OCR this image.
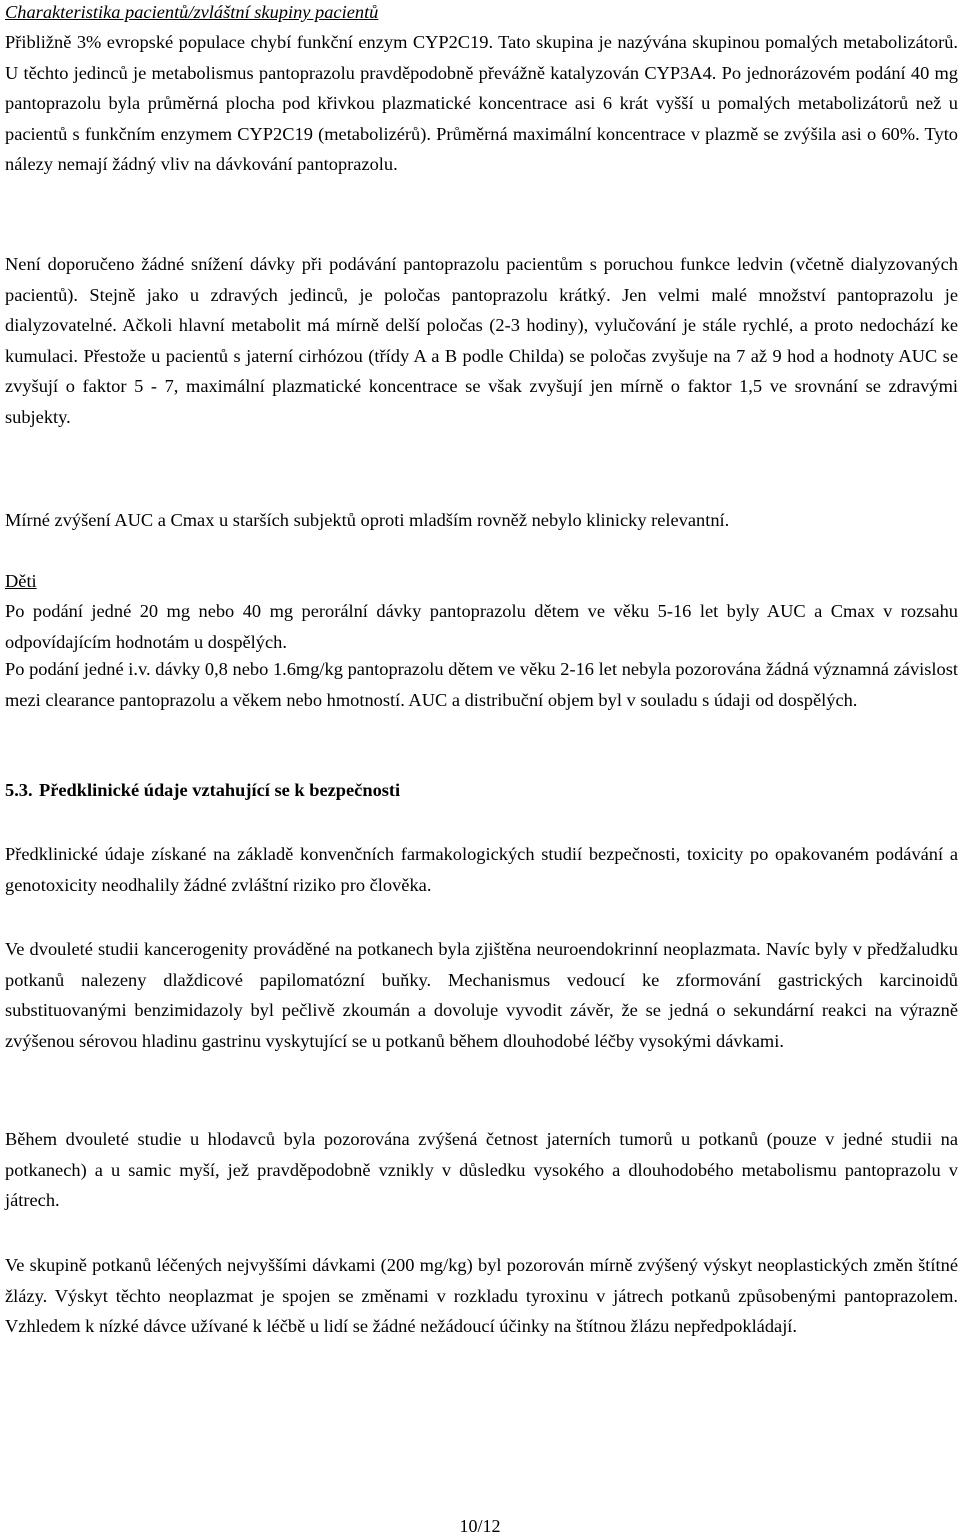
Charakteristika pacientů/zvláštní skupiny pacientů

Přibližně 3% evropské populace chybí funkční enzym CYP2C19. Tato skupina je nazývána skupinou pomalých metabolizátorů. U těchto jedinců je metabolismus pantoprazolu pravděpodobně převážně katalyzován CYP3A4. Po jednorázovém podání 40 mg pantoprazolu byla průměrná plocha pod křivkou plazmatické koncentrace asi 6 krát vyšší u pomalých metabolizátorů než u pacientů s funkčním enzymem CYP2C19 (metabolizérů). Průměrná maximální koncentrace v plazmě se zvýšila asi o 60%. Tyto nálezy nemají žádný vliv na dávkování pantoprazolu.

Není doporučeno žádné snížení dávky při podávání pantoprazolu pacientům s poruchou funkce ledvin (včetně dialyzovaných pacientů). Stejně jako u zdravých jedinců, je poločas pantoprazolu krátký. Jen velmi malé množství pantoprazolu je dialyzovatelné. Ačkoli hlavní metabolit má mírně delší poločas (2-3 hodiny), vylučování je stále rychlé, a proto nedochází ke kumulaci. Přestože u pacientů s jaterní cirhózou (třídy A a B podle Childa) se poločas zvyšuje na 7 až 9 hod a hodnoty AUC se zvyšují o faktor 5 - 7, maximální plazmatické koncentrace se však zvyšují jen mírně o faktor 1,5 ve srovnání se zdravými subjekty.

Mírné zvýšení AUC a Cmax u starších subjektů oproti mladším rovněž nebylo klinicky relevantní.

Děti

Po podání jedné 20 mg nebo 40 mg perorální dávky pantoprazolu dětem ve věku 5-16 let byly AUC a Cmax v rozsahu odpovídajícím hodnotám u dospělých.

Po podání jedné i.v. dávky 0,8 nebo 1.6mg/kg pantoprazolu dětem ve věku 2-16 let nebyla pozorována žádná významná závislost mezi clearance pantoprazolu a věkem nebo hmotností. AUC a distribuční objem byl v souladu s údaji od dospělých.

5.3. Předklinické údaje vztahující se k bezpečnosti

Předklinické údaje získané na základě konvenčních farmakologických studií bezpečnosti, toxicity po opakovaném podávání a genotoxicity neodhalily žádné zvláštní riziko pro člověka.

Ve dvouleté studii kancerogenity prováděné na potkanech byla zjištěna neuroendokrinní neoplazmata. Navíc byly v předžaludku potkanů nalezeny dlaždicové papilomatózní buňky. Mechanismus vedoucí ke zformování gastrických karcinoidů substituovanými benzimidazoly byl pečlivě zkoumán a dovoluje vyvodit závěr, že se jedná o sekundární reakci na výrazně zvýšenou sérovou hladinu gastrinu vyskytující se u potkanů během dlouhodobé léčby vysokými dávkami.

Během dvouleté studie u hlodavců byla pozorována zvýšená četnost jaterních tumorů u potkanů (pouze v jedné studii na potkanech) a u samic myší, jež pravděpodobně vznikly v důsledku vysokého a dlouhodobého metabolismu pantoprazolu v játrech.

Ve skupině potkanů léčených nejvyššími dávkami (200 mg/kg) byl pozorován mírně zvýšený výskyt neoplastických změn štítné žlázy. Výskyt těchto neoplazmat je spojen se změnami v rozkladu tyroxinu v játrech potkanů způsobenými pantoprazolem. Vzhledem k nízké dávce užívané k léčbě u lidí se žádné nežádoucí účinky na štítnou žlázu nepředpokládají.

10/12
